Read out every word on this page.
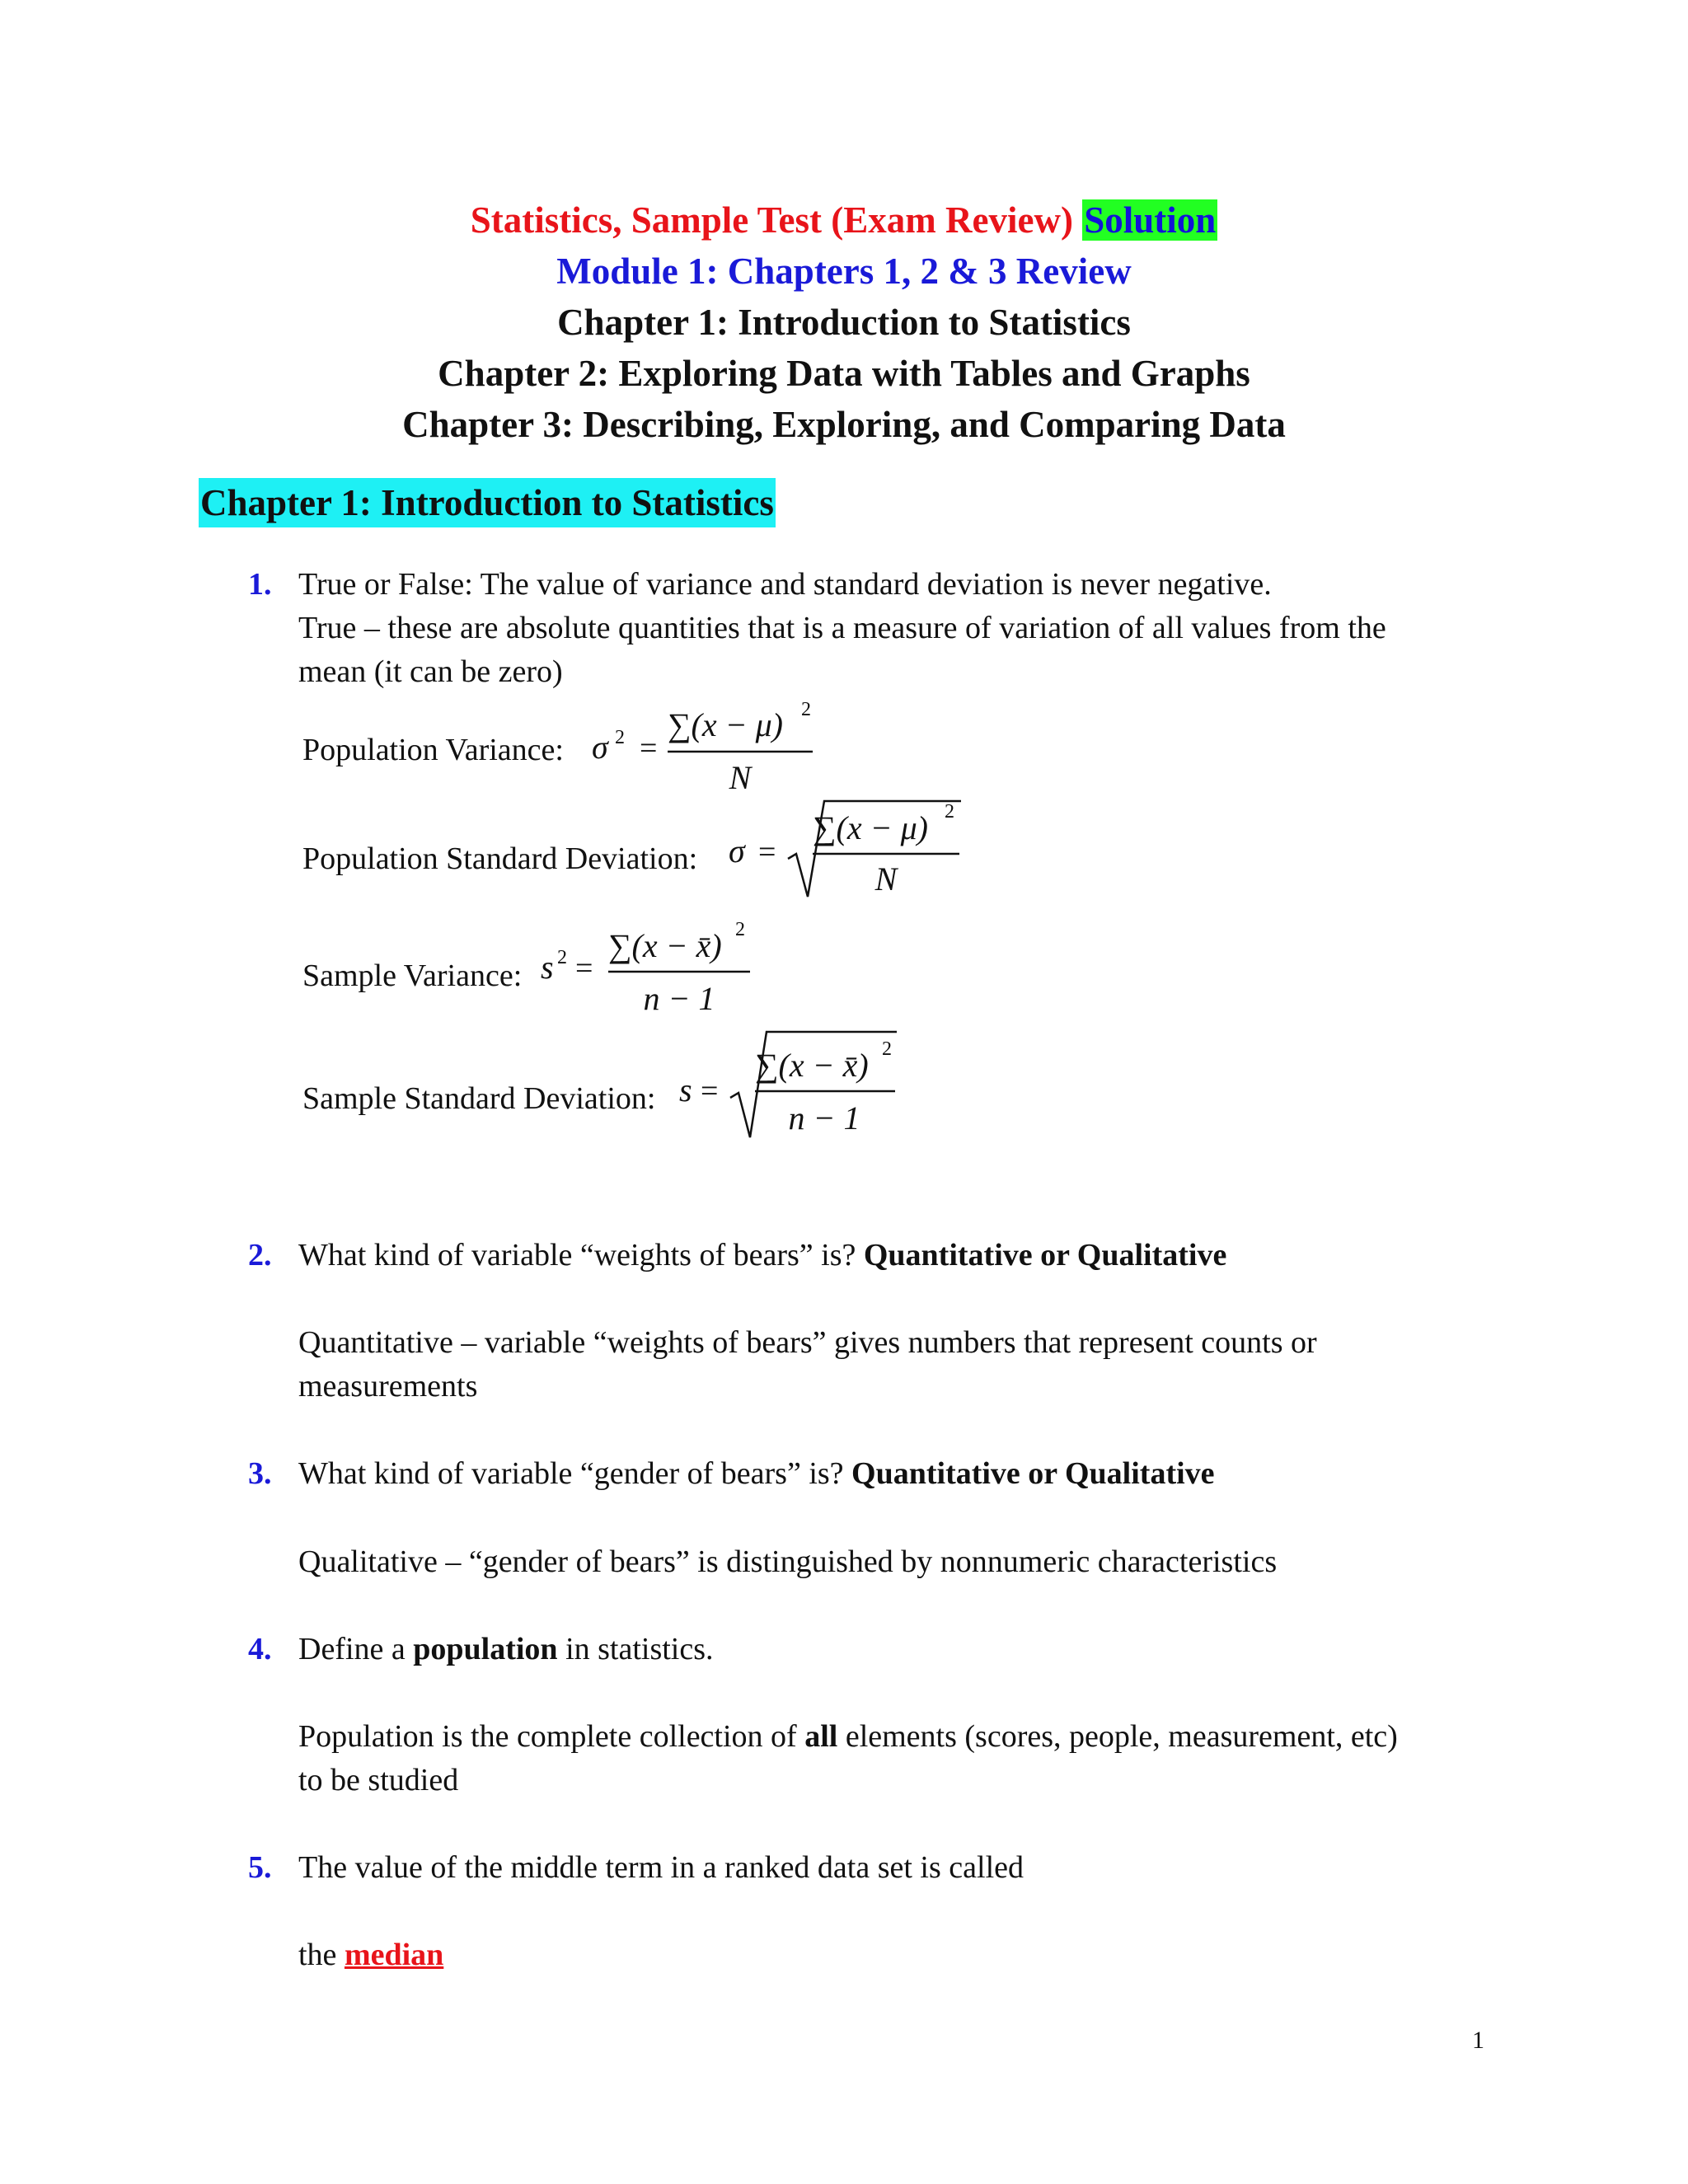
Statistics, Sample Test (Exam Review) Solution
Module 1: Chapters 1, 2 & 3 Review
Chapter 1: Introduction to Statistics
Chapter 2: Exploring Data with Tables and Graphs
Chapter 3: Describing, Exploring, and Comparing Data
Chapter 1: Introduction to Statistics
1. True or False: The value of variance and standard deviation is never negative.
True – these are absolute quantities that is a measure of variation of all values from the
mean (it can be zero)
Population Variance: σ 2 =
∑(x − μ) 2
N
Population Standard Deviation: σ =
∑(x − μ) 2
N
Sample Variance: s 2 =
∑(x − x̄) 2
n − 1
Sample Standard Deviation: s =
∑(x − x̄) 2
n − 1
2. What kind of variable “weights of bears” is? Quantitative or Qualitative
Quantitative – variable “weights of bears” gives numbers that represent counts or
measurements
3. What kind of variable “gender of bears” is? Quantitative or Qualitative
Qualitative – “gender of bears” is distinguished by nonnumeric characteristics
4. Define a population in statistics.
Population is the complete collection of all elements (scores, people, measurement, etc)
to be studied
5. The value of the middle term in a ranked data set is called
the median
1
